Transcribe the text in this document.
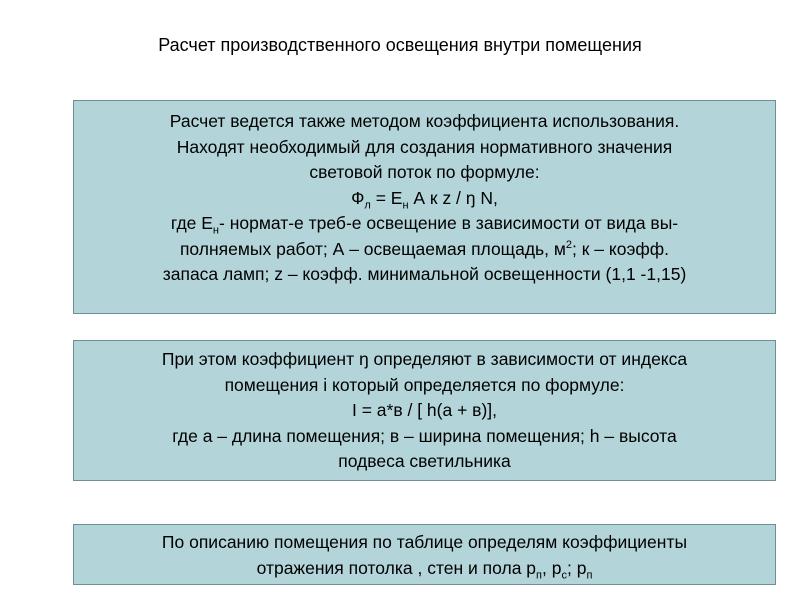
Расчет производственного освещения внутри помещения
Расчет ведется также методом коэффициента использования.
Находят необходимый для создания нормативного значения
световой поток по формуле:
$Ф_л = Е_н$ А к z / ŋ N,
где $Е_н-$ нормат-е треб-е освещение в зависимости от вида вы-
полняемых работ; А – освещаемая площадь, $м^2$; к – коэфф.
запаса ламп; z – коэфф. минимальной освещенности (1,1 -1,15)
При этом коэффициент ŋ определяют в зависимости от индекса
помещения i который определяется по формуле:
I = а*в / [ h(а + в)],
где а – длина помещения; в – ширина помещения; h – высота
подвеса светильника
По описанию помещения по таблице определям коэффициенты
отражения потолка , стен и пола $р_п$, $р_с$; $р_п$
